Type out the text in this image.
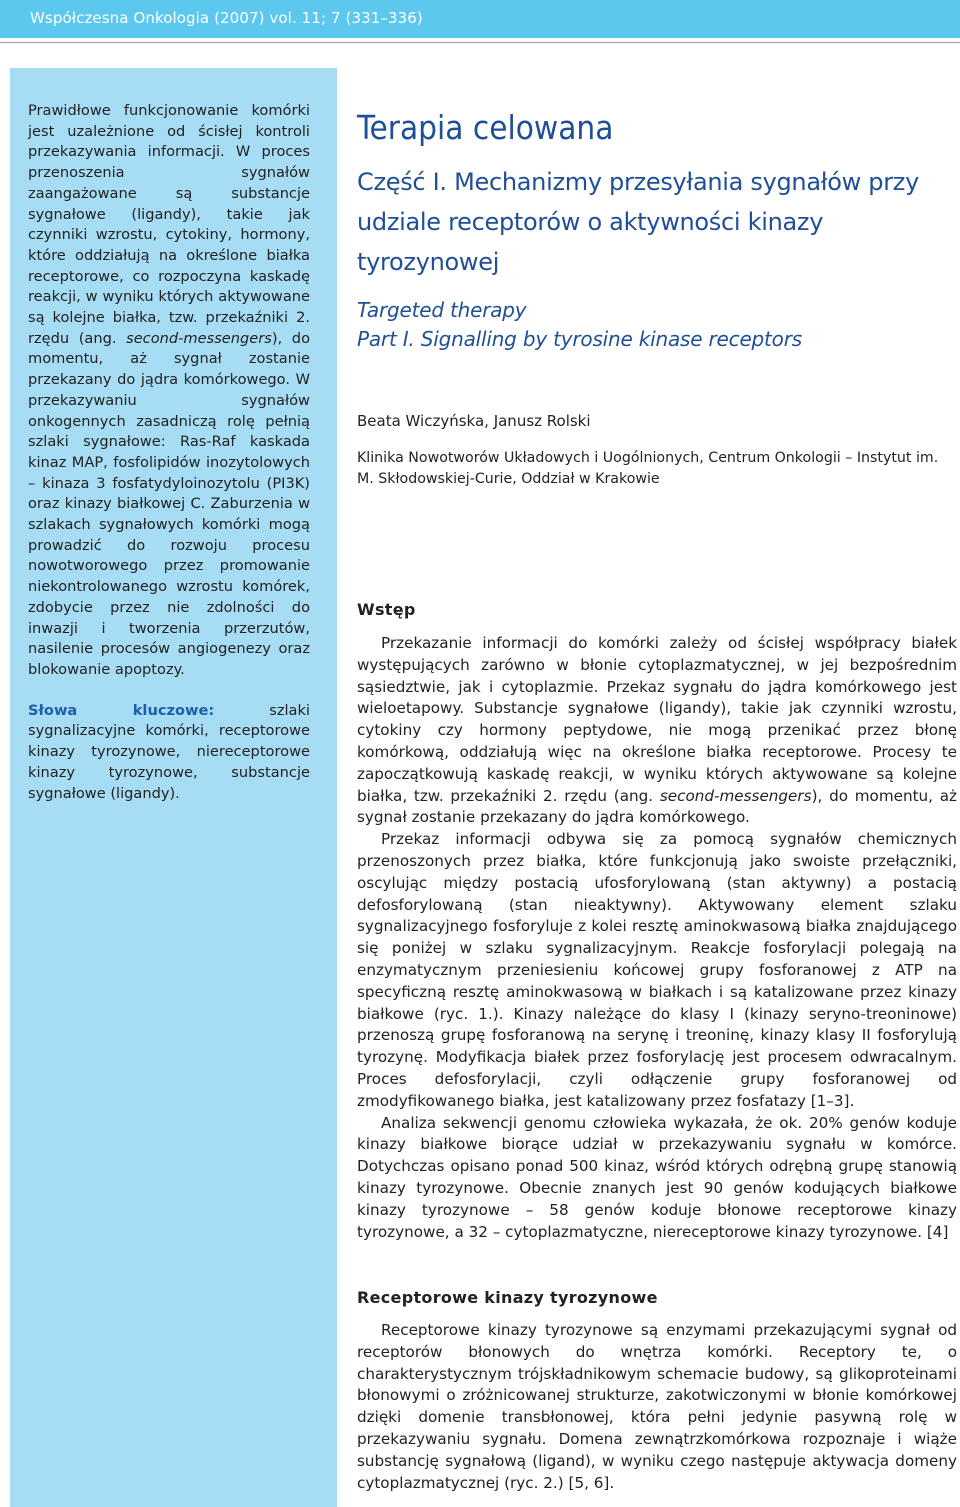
Współczesna Onkologia (2007) vol. 11; 7 (331–336)

Prawidłowe funkcjonowanie komórki jest uzależnione od ścisłej kontroli przekazywania informacji. W proces przenoszenia sygnałów zaangażowane są substancje sygnałowe (ligandy), takie jak czynniki wzrostu, cytokiny, hormony, które oddziałują na określone białka receptorowe, co rozpoczyna kaskadę reakcji, w wyniku których aktywowane są kolejne białka, tzw. przekaźniki 2. rzędu (ang. second-messengers), do momentu, aż sygnał zostanie przekazany do jądra komórkowego. W przekazywaniu sygnałów onkogennych zasadniczą rolę pełnią szlaki sygnałowe: Ras-Raf kaskada kinaz MAP, fosfolipidów inozytolowych – kinaza 3 fosfatydyloinozytolu (PI3K) oraz kinazy białkowej C. Zaburzenia w szlakach sygnałowych komórki mogą prowadzić do rozwoju procesu nowotworowego przez promowanie niekontrolowanego wzrostu komórek, zdobycie przez nie zdolności do inwazji i tworzenia przerzutów, nasilenie procesów angiogenezy oraz blokowanie apoptozy.

Słowa kluczowe: szlaki sygnalizacyjne komórki, receptorowe kinazy tyrozynowe, niereceptorowe kinazy tyrozynowe, substancje sygnałowe (ligandy).

Terapia celowana
Część I. Mechanizmy przesyłania sygnałów przy udziale receptorów o aktywności kinazy tyrozynowej
Targeted therapy
Part I. Signalling by tyrosine kinase receptors
Beata Wiczyńska, Janusz Rolski
Klinika Nowotworów Układowych i Uogólnionych, Centrum Onkologii – Instytut im. M. Skłodowskiej-Curie, Oddział w Krakowie
Wstęp

Przekazanie informacji do komórki zależy od ścisłej współpracy białek występujących zarówno w błonie cytoplazmatycznej, w jej bezpośrednim sąsiedztwie, jak i cytoplazmie. Przekaz sygnału do jądra komórkowego jest wieloetapowy. Substancje sygnałowe (ligandy), takie jak czynniki wzrostu, cytokiny czy hormony peptydowe, nie mogą przenikać przez błonę komórkową, oddziałują więc na określone białka receptorowe. Procesy te zapoczątkowują kaskadę reakcji, w wyniku których aktywowane są kolejne białka, tzw. przekaźniki 2. rzędu (ang. second-messengers), do momentu, aż sygnał zostanie przekazany do jądra komórkowego.

Przekaz informacji odbywa się za pomocą sygnałów chemicznych przenoszonych przez białka, które funkcjonują jako swoiste przełączniki, oscylując między postacią ufosforylowaną (stan aktywny) a postacią defosforylowaną (stan nieaktywny). Aktywowany element szlaku sygnalizacyjnego fosforyluje z kolei resztę aminokwasową białka znajdującego się poniżej w szlaku sygnalizacyjnym. Reakcje fosforylacji polegają na enzymatycznym przeniesieniu końcowej grupy fosforanowej z ATP na specyficzną resztę aminokwasową w białkach i są katalizowane przez kinazy białkowe (ryc. 1.). Kinazy należące do klasy I (kinazy seryno-treoninowe) przenoszą grupę fosforanową na serynę i treoninę, kinazy klasy II fosforylują tyrozynę. Modyfikacja białek przez fosforylację jest procesem odwracalnym. Proces defosforylacji, czyli odłączenie grupy fosforanowej od zmodyfikowanego białka, jest katalizowany przez fosfatazy [1–3].

Analiza sekwencji genomu człowieka wykazała, że ok. 20% genów koduje kinazy białkowe biorące udział w przekazywaniu sygnału w komórce. Dotychczas opisano ponad 500 kinaz, wśród których odrębną grupę stanowią kinazy tyrozynowe. Obecnie znanych jest 90 genów kodujących białkowe kinazy tyrozynowe – 58 genów koduje błonowe receptorowe kinazy tyrozynowe, a 32 – cytoplazmatyczne, niereceptorowe kinazy tyrozynowe. [4]

Receptorowe kinazy tyrozynowe

Receptorowe kinazy tyrozynowe są enzymami przekazującymi sygnał od receptorów błonowych do wnętrza komórki. Receptory te, o charakterystycznym trójskładnikowym schemacie budowy, są glikoproteinami błonowymi o zróżnicowanej strukturze, zakotwiczonymi w błonie komórkowej dzięki domenie transbłonowej, która pełni jedynie pasywną rolę w przekazywaniu sygnału. Domena zewnątrzkomórkowa rozpoznaje i wiąże substancję sygnałową (ligand), w wyniku czego następuje aktywacja domeny cytoplazmatycznej (ryc. 2.) [5, 6].
